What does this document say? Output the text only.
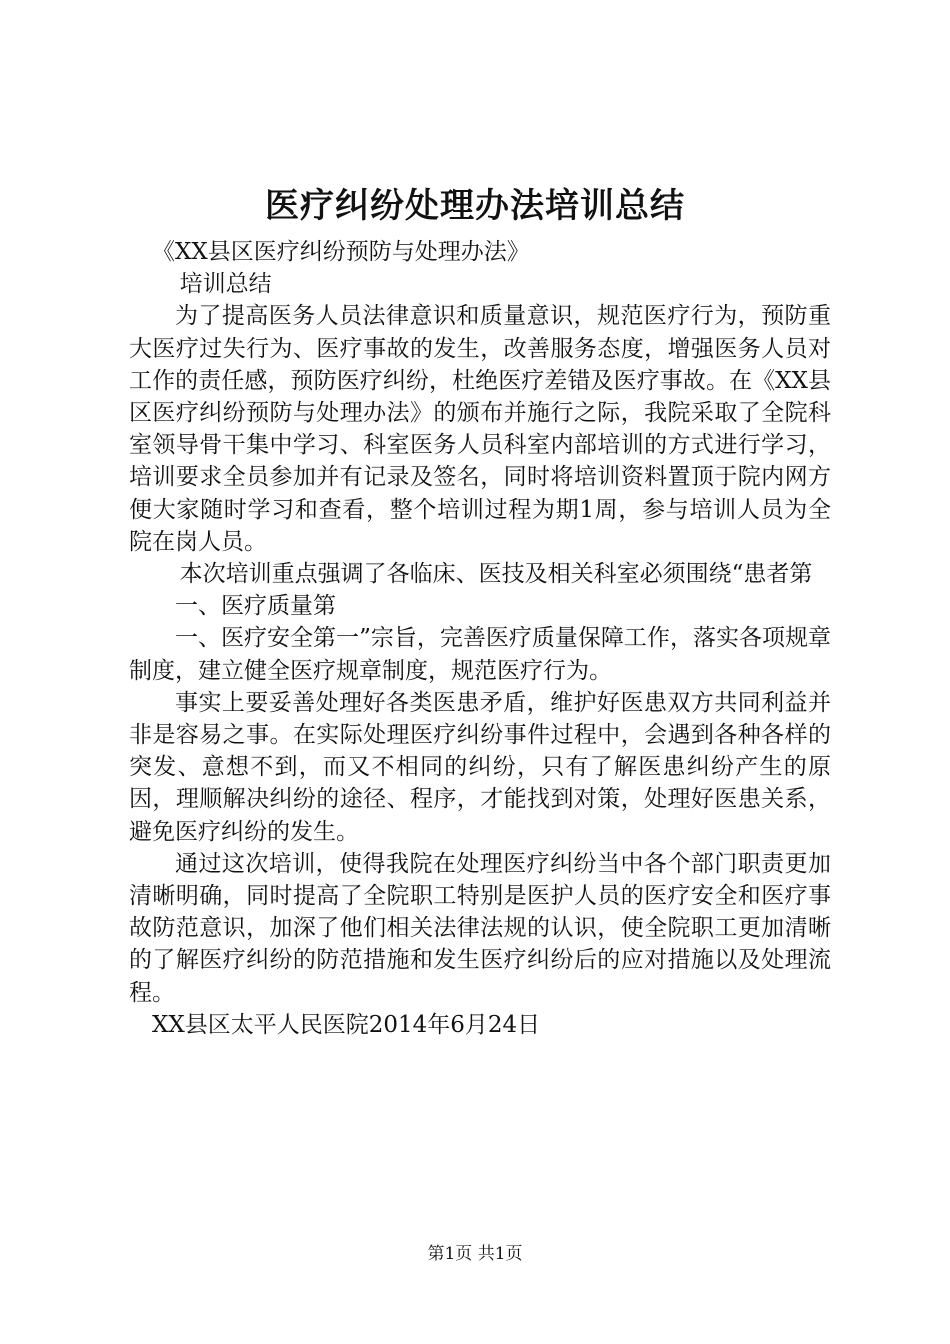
医疗纠纷处理办法培训总结

《XX县区医疗纠纷预防与处理办法》

培训总结

为了提高医务人员法律意识和质量意识，规范医疗行为，预防重大医疗过失行为、医疗事故的发生，改善服务态度，增强医务人员对工作的责任感，预防医疗纠纷，杜绝医疗差错及医疗事故。在《XX县区医疗纠纷预防与处理办法》的颁布并施行之际，我院采取了全院科室领导骨干集中学习、科室医务人员科室内部培训的方式进行学习，培训要求全员参加并有记录及签名，同时将培训资料置顶于院内网方便大家随时学习和查看，整个培训过程为期1周，参与培训人员为全院在岗人员。

本次培训重点强调了各临床、医技及相关科室必须围绕“患者第

一、医疗质量第

一、医疗安全第一”宗旨，完善医疗质量保障工作，落实各项规章制度，建立健全医疗规章制度，规范医疗行为。

事实上要妥善处理好各类医患矛盾，维护好医患双方共同利益并非是容易之事。在实际处理医疗纠纷事件过程中，会遇到各种各样的突发、意想不到，而又不相同的纠纷，只有了解医患纠纷产生的原因，理顺解决纠纷的途径、程序，才能找到对策，处理好医患关系，避免医疗纠纷的发生。

通过这次培训，使得我院在处理医疗纠纷当中各个部门职责更加清晰明确，同时提高了全院职工特别是医护人员的医疗安全和医疗事故防范意识，加深了他们相关法律法规的认识，使全院职工更加清晰的了解医疗纠纷的防范措施和发生医疗纠纷后的应对措施以及处理流程。

XX县区太平人民医院2014年6月24日

第1页 共1页
